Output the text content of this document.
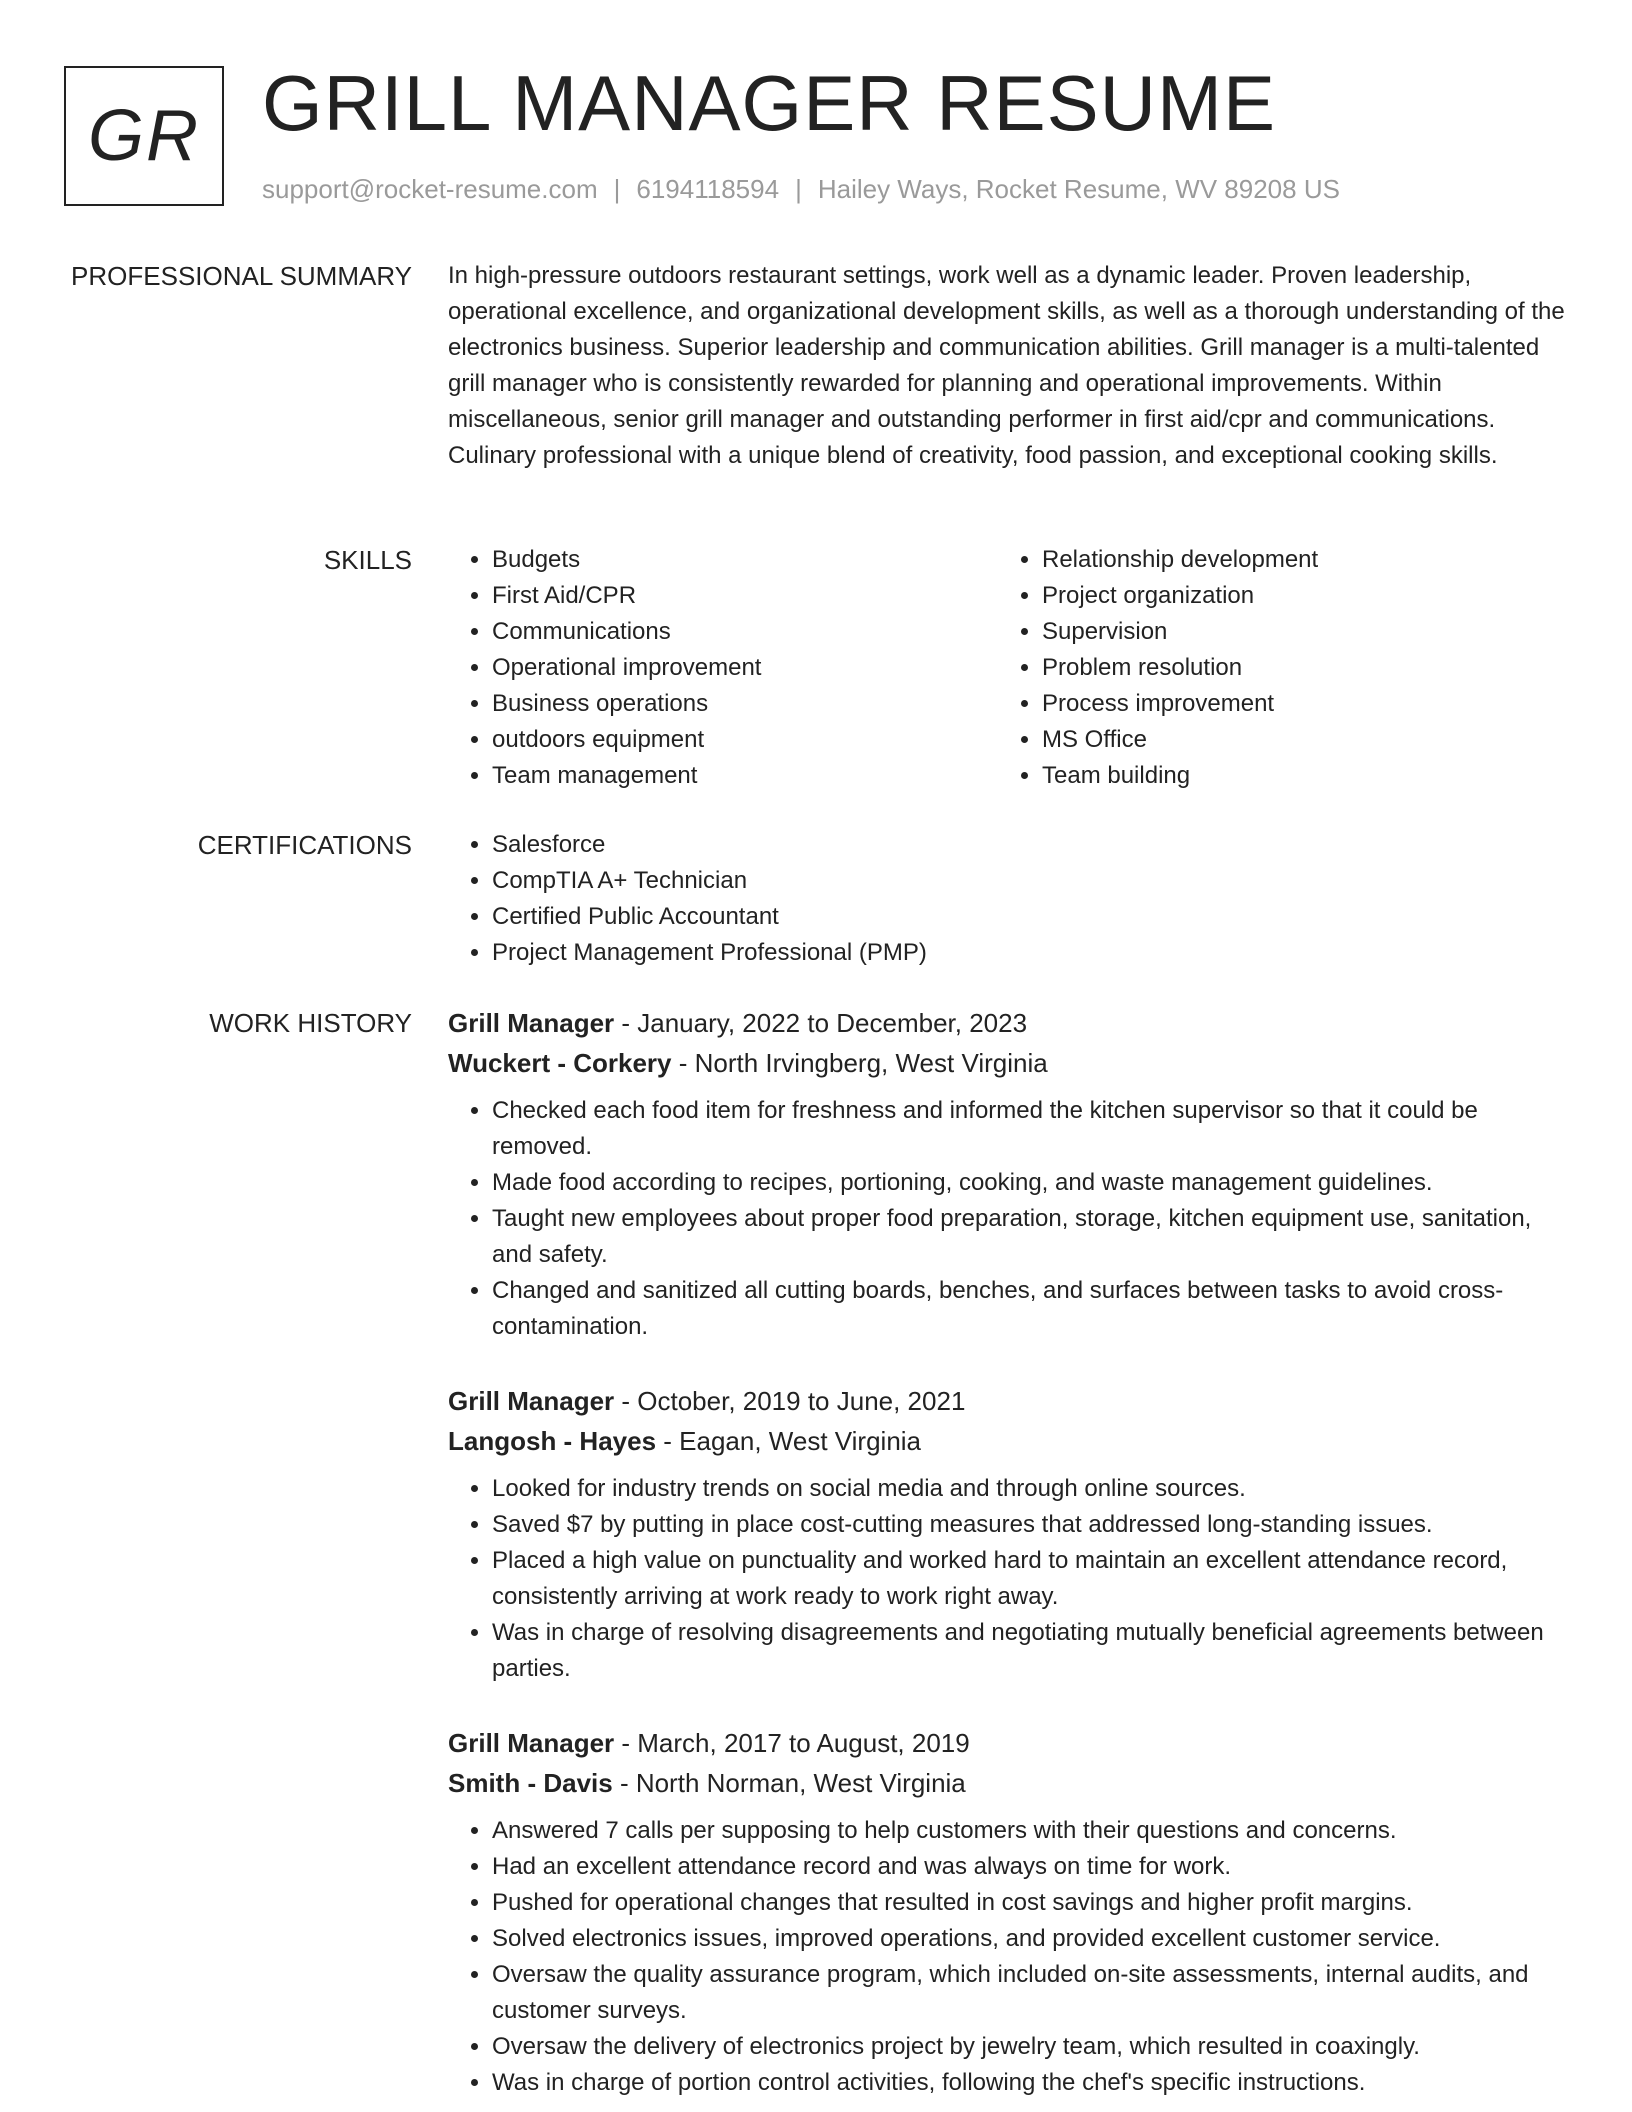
GR GRILL MANAGER RESUME
support@rocket-resume.com | 6194118594 | Hailey Ways, Rocket Resume, WV 89208 US
PROFESSIONAL SUMMARY In high-pressure outdoors restaurant settings, work well as a dynamic leader. Proven leadership, operational excellence, and organizational development skills, as well as a thorough understanding of the electronics business. Superior leadership and communication abilities. Grill manager is a multi-talented grill manager who is consistently rewarded for planning and operational improvements. Within miscellaneous, senior grill manager and outstanding performer in first aid/cpr and communications. Culinary professional with a unique blend of creativity, food passion, and exceptional cooking skills.

SKILLS	• Budgets
• First Aid/CPR
• Communications
• Operational improvement
• Business operations
• outdoors equipment
• Team management
• Relationship development
• Project organization
• Supervision
• Problem resolution
• Process improvement
• MS Office
• Team building
CERTIFICATIONS	• Salesforce
• CompTIA A+ Technician
• Certified Public Accountant
• Project Management Professional (PMP)
WORK HISTORY Grill Manager - January, 2022 to December, 2023
Wuckert - Corkery - North Irvingberg, West Virginia
• Checked each food item for freshness and informed the kitchen supervisor so that it could be removed.
• Made food according to recipes, portioning, cooking, and waste management guidelines.
• Taught new employees about proper food preparation, storage, kitchen equipment use, sanitation, and safety.
• Changed and sanitized all cutting boards, benches, and surfaces between tasks to avoid cross-contamination.
Grill Manager - October, 2019 to June, 2021
Langosh - Hayes - Eagan, West Virginia
• Looked for industry trends on social media and through online sources.
• Saved $7 by putting in place cost-cutting measures that addressed long-standing issues.
• Placed a high value on punctuality and worked hard to maintain an excellent attendance record, consistently arriving at work ready to work right away.
• Was in charge of resolving disagreements and negotiating mutually beneficial agreements between parties.
Grill Manager - March, 2017 to August, 2019
Smith - Davis - North Norman, West Virginia
• Answered 7 calls per supposing to help customers with their questions and concerns.
• Had an excellent attendance record and was always on time for work.
• Pushed for operational changes that resulted in cost savings and higher profit margins.
• Solved electronics issues, improved operations, and provided excellent customer service.
• Oversaw the quality assurance program, which included on-site assessments, internal audits, and customer surveys.
• Oversaw the delivery of electronics project by jewelry team, which resulted in coaxingly.
• Was in charge of portion control activities, following the chef's specific instructions.
